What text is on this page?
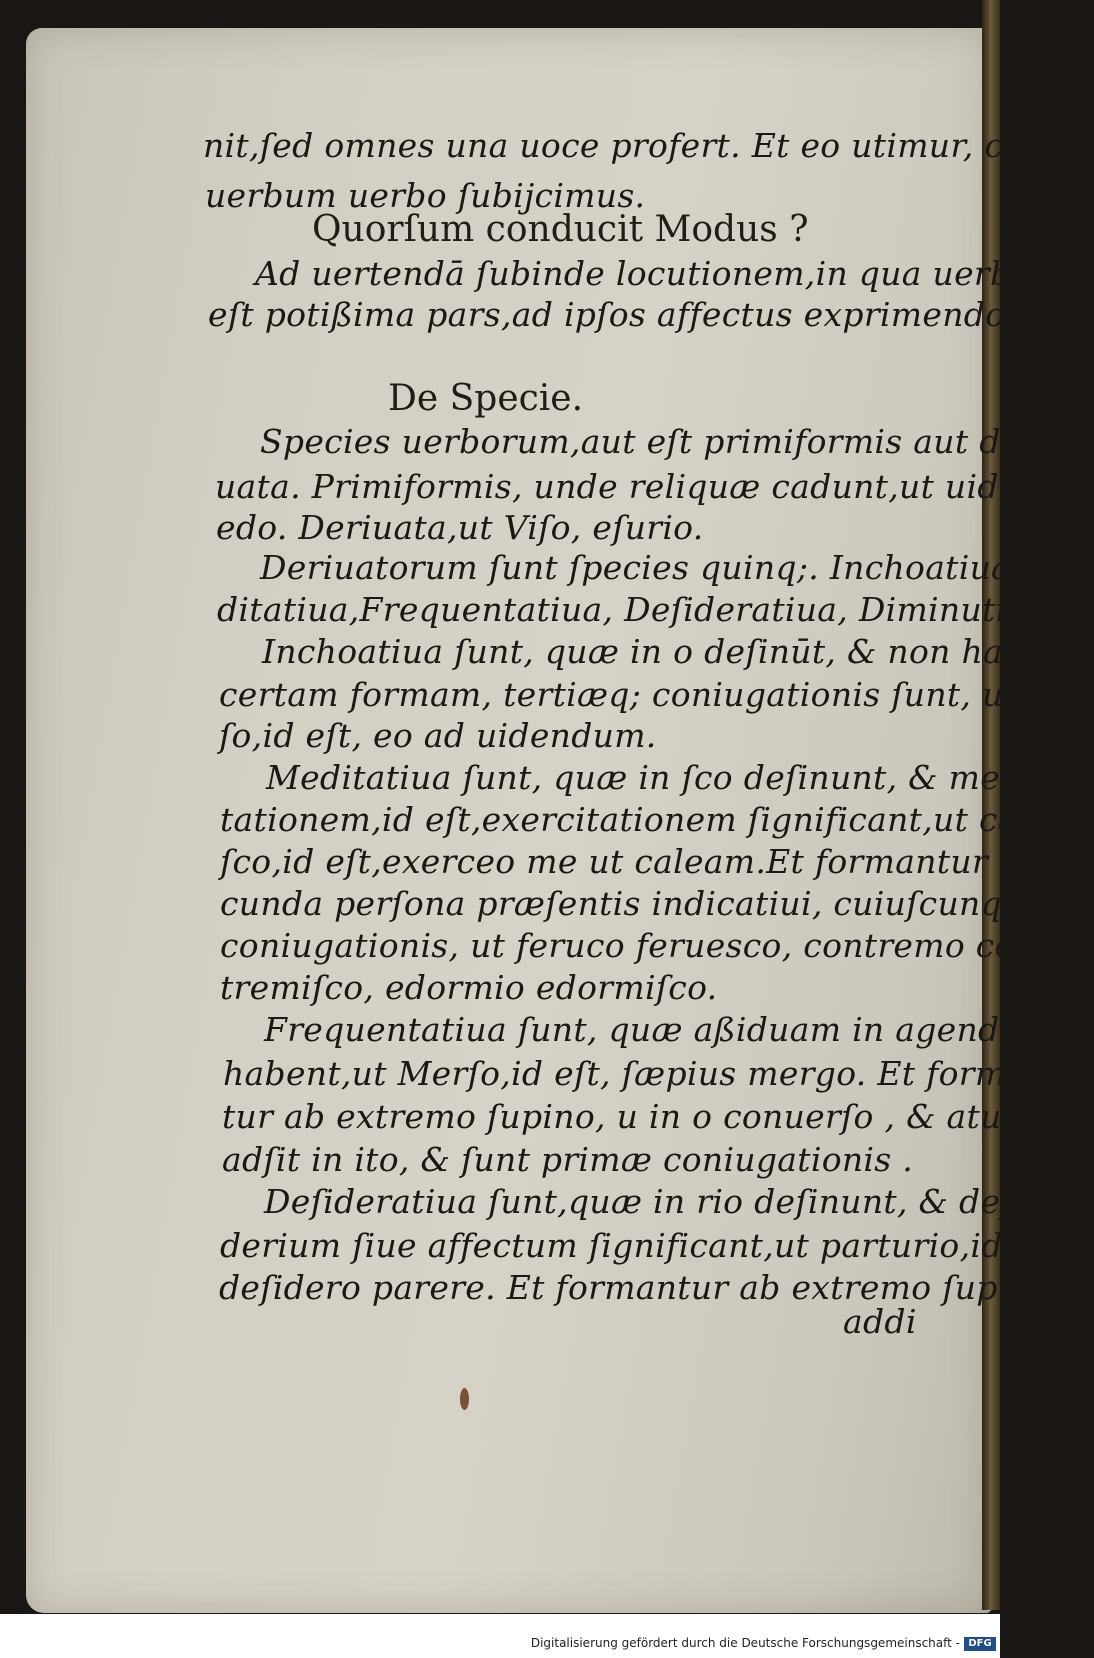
nit,ſed omnes una uoce profert. Et eo utimur, cum
uerbum uerbo ſubijcimus.
Quorſum conducit Modus ?
Ad uertendā ſubinde locutionem,in qua uerbum
eſt potißima pars,ad ipſos affectus exprimendos.
De Specie.
Species uerborum,aut eſt primiformis aut deri=
uata. Primiformis, unde reliquæ cadunt,ut uideo,
edo. Deriuata,ut Viſo, eſurio.
Deriuatorum ſunt ſpecies quinq;. Inchoatiua,Me
ditatiua,Frequentatiua, Deſideratiua, Diminutiua:
Inchoatiua ſunt, quæ in o deſinūt, & non habēt
certam formam, tertiæq; coniugationis ſunt, ut ui=
ſo,id eſt, eo ad uidendum.
Meditatiua ſunt, quæ in ſco deſinunt, & medi=
tationem,id eſt,exercitationem ſignificant,ut cale=
ſco,id eſt,exerceo me ut caleam.Et formantur á ſe=
cunda perſona præſentis indicatiui, cuiuſcunq; ſint
coniugationis, ut feruco feruesco, contremo con=
tremiſco, edormio edormiſco.
Frequentatiua ſunt, quæ aßiduam in agendo uim
habent,ut Merſo,id eſt, ſæpius mergo. Et forman=
tur ab extremo ſupino, u in o conuerſo , & atu ſi
adſit in ito, & ſunt primæ coniugationis .
Deſideratiua ſunt,quæ in rio deſinunt, & deſi=
derium ſiue affectum ſignificant,ut parturio,id eſt,
deſidero parere. Et formantur ab extremo ſupino,
addi
Digitalisierung gefördert durch die Deutsche Forschungsgemeinschaft - DFG
